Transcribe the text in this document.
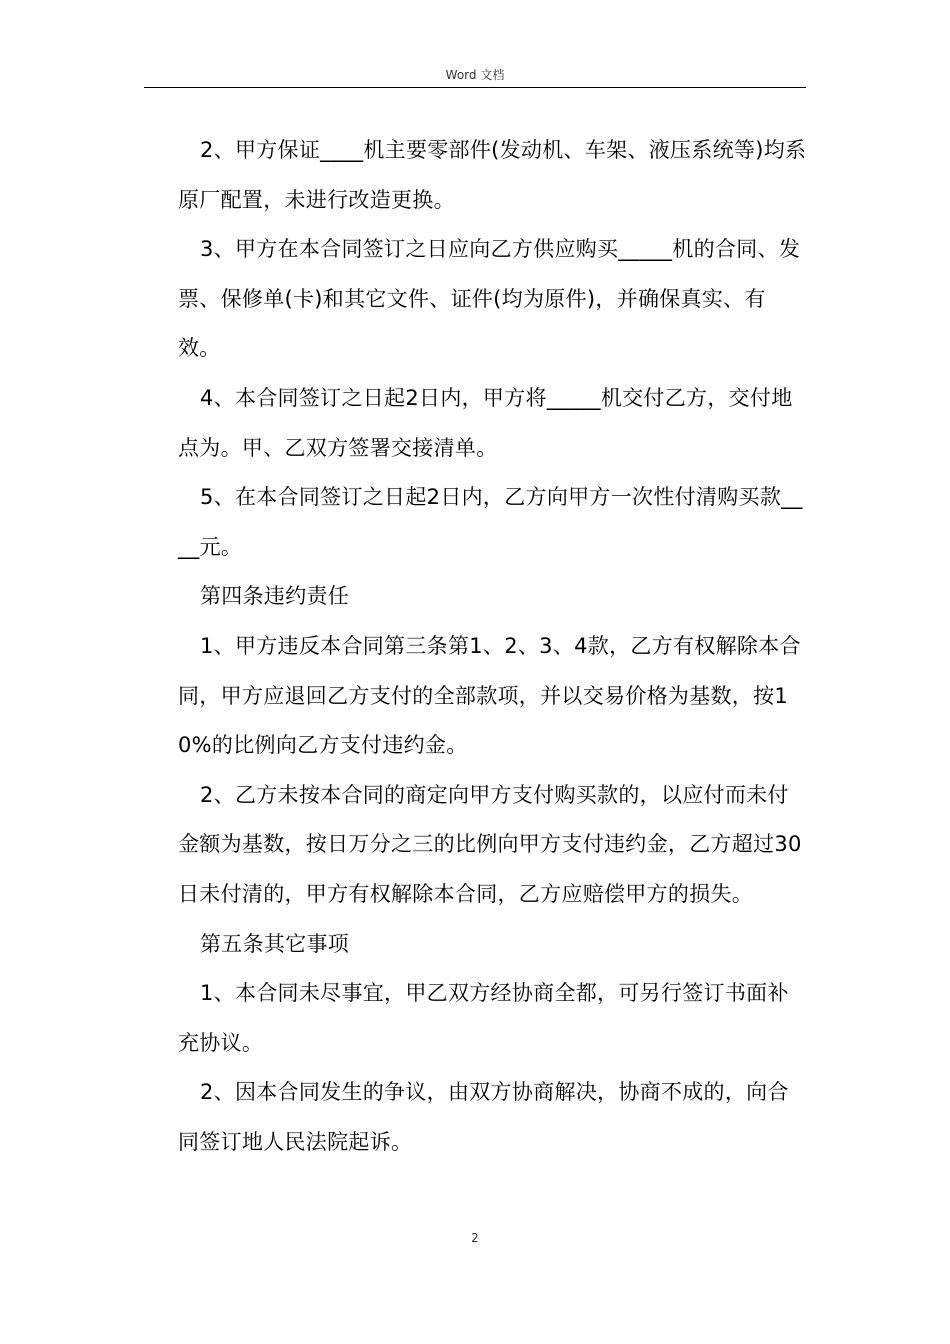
Word 文档

2、甲方保证____机主要零部件(发动机、车架、液压系统等)均系原厂配置，未进行改造更换。

3、甲方在本合同签订之日应向乙方供应购买_____机的合同、发票、保修单(卡)和其它文件、证件(均为原件)，并确保真实、有效。

4、本合同签订之日起2日内，甲方将_____机交付乙方，交付地点为。甲、乙双方签署交接清单。

5、在本合同签订之日起2日内，乙方向甲方一次性付清购买款____元。

第四条违约责任

1、甲方违反本合同第三条第1、2、3、4款，乙方有权解除本合同，甲方应退回乙方支付的全部款项，并以交易价格为基数，按10%的比例向乙方支付违约金。

2、乙方未按本合同的商定向甲方支付购买款的，以应付而未付金额为基数，按日万分之三的比例向甲方支付违约金，乙方超过30日未付清的，甲方有权解除本合同，乙方应赔偿甲方的损失。

第五条其它事项

1、本合同未尽事宜，甲乙双方经协商全都，可另行签订书面补充协议。

2、因本合同发生的争议，由双方协商解决，协商不成的，向合同签订地人民法院起诉。

2
